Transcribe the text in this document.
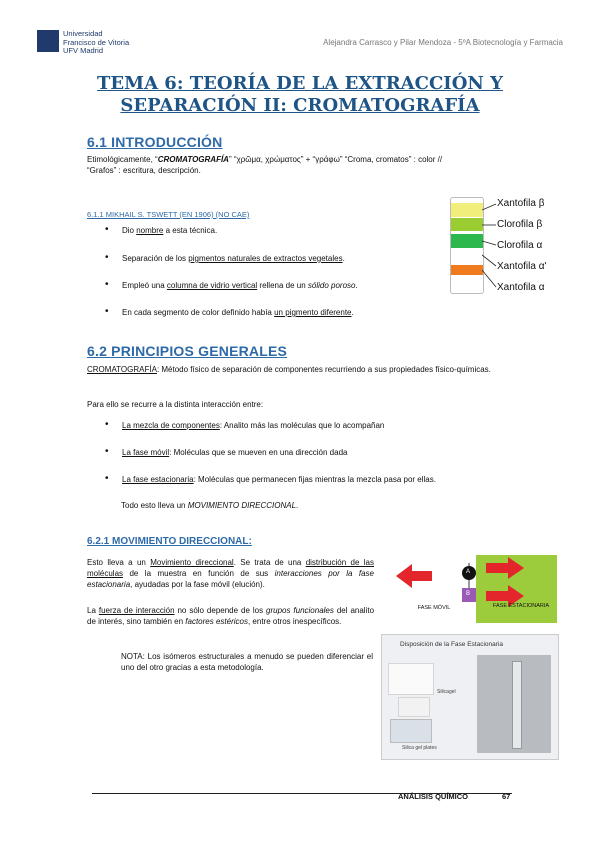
Universidad
Francisco de Vitoria
UFV Madrid
Alejandra Carrasco y Pilar Mendoza - 5ºA Biotecnología y Farmacia
TEMA 6: TEORÍA DE LA EXTRACCIÓN Y
SEPARACIÓN II: CROMATOGRAFÍA
6.1 INTRODUCCIÓN
Etimológicamente, “CROMATOGRAFÍA” “χρῶμα, χρώματος” + “γράφω” “Croma, cromatos” : color //
“Grafos” : escritura, descripción.
6.1.1 MIKHAIL S. TSWETT (EN 1906) (NO CAE)
• Dio nombre a esta técnica.
• Separación de los pigmentos naturales de extractos vegetales.
• Empleó una columna de vidrio vertical rellena de un sólido poroso.
• En cada segmento de color definido había un pigmento diferente.
Xantofila β
Clorofila β
Clorofila α
Xantofila α'
Xantofila α
6.2 PRINCIPIOS GENERALES
CROMATOGRAFÍA: Método físico de separación de componentes recurriendo a sus propiedades físico-químicas.
Para ello se recurre a la distinta interacción entre:
• La mezcla de componentes: Analito más las moléculas que lo acompañan
• La fase móvil: Moléculas que se mueven en una dirección dada
• La fase estacionaria: Moléculas que permanecen fijas mientras la mezcla pasa por ellas.
Todo esto lleva un MOVIMIENTO DIRECCIONAL.
6.2.1 MOVIMIENTO DIRECCIONAL:
Esto lleva a un Movimiento direccional. Se trata de una distribución de las moléculas de la muestra en función de sus interacciones por la fase estacionaria, ayudadas por la fase móvil (elución).
La fuerza de interacción no sólo depende de los grupos funcionales del analito de interés, sino también en factores estéricos, entre otros inespecíficos.
NOTA: Los isómeros estructurales a menudo se pueden diferenciar el uno del otro gracias a esta metodología.
A
B
FASE MÓVIL	FASE ESTACIONARIA
Disposición de la Fase Estacionaria
Silicagel
Silica gel plates
ANÁLISIS QUÍMICO	67
